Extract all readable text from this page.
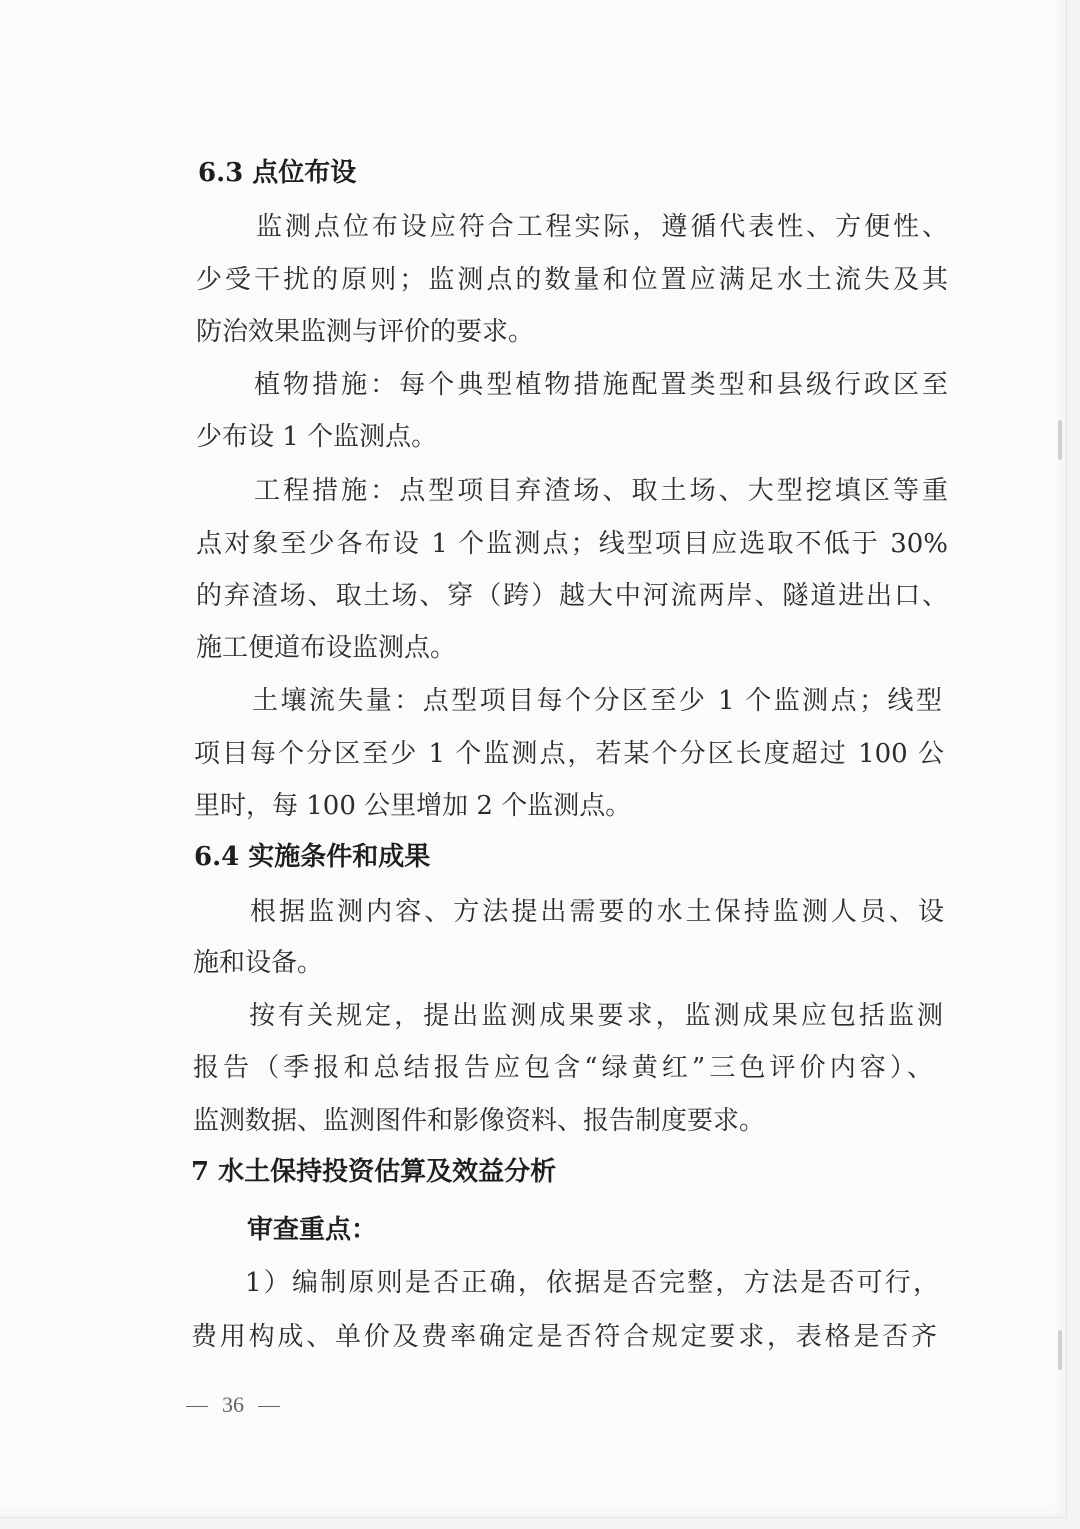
6.3 点位布设

监测点位布设应符合工程实际，遵循代表性、方便性、

少受干扰的原则；监测点的数量和位置应满足水土流失及其

防治效果监测与评价的要求。

植物措施：每个典型植物措施配置类型和县级行政区至

少布设 1 个监测点。

工程措施：点型项目弃渣场、取土场、大型挖填区等重

点对象至少各布设 1 个监测点；线型项目应选取不低于 30%

的弃渣场、取土场、穿（跨）越大中河流两岸、隧道进出口、

施工便道布设监测点。

土壤流失量：点型项目每个分区至少 1 个监测点；线型

项目每个分区至少 1 个监测点，若某个分区长度超过 100 公

里时，每 100 公里增加 2 个监测点。

6.4 实施条件和成果

根据监测内容、方法提出需要的水土保持监测人员、设

施和设备。

按有关规定，提出监测成果要求，监测成果应包括监测

报告（季报和总结报告应包含“绿黄红”三色评价内容）、

监测数据、监测图件和影像资料、报告制度要求。

7 水土保持投资估算及效益分析

审查重点：

1）编制原则是否正确，依据是否完整，方法是否可行，

费用构成、单价及费率确定是否符合规定要求，表格是否齐

36
